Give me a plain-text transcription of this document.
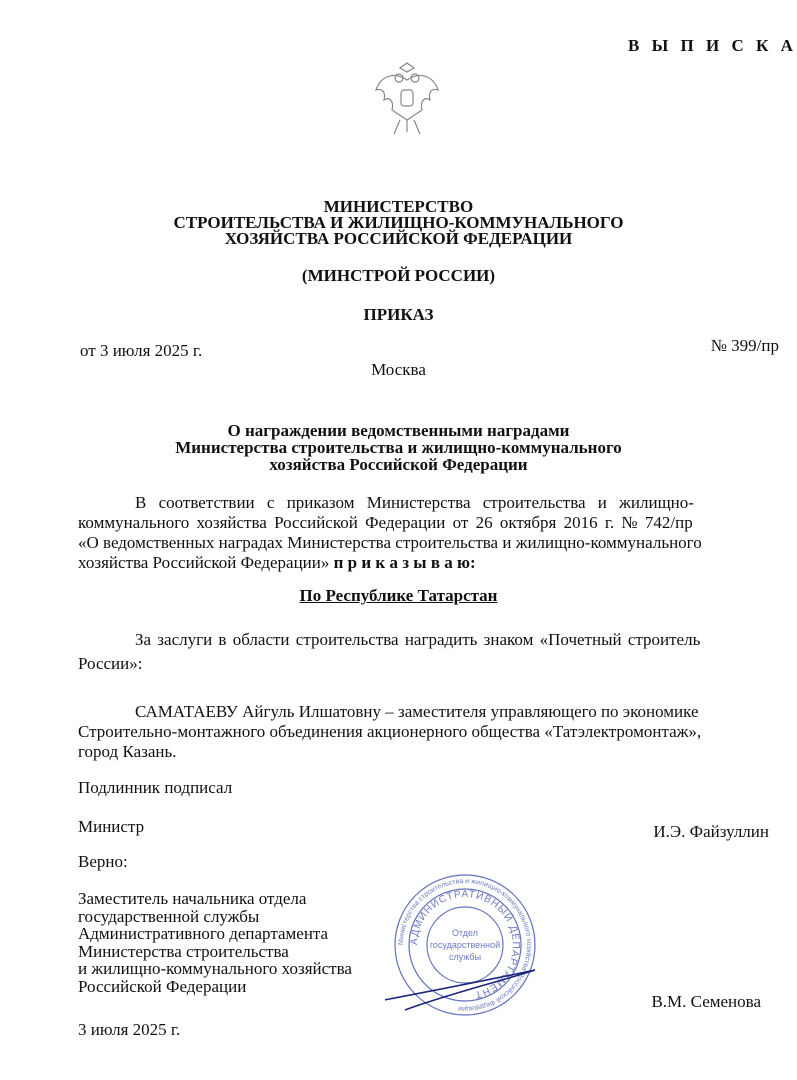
В Ы П И С К А
МИНИСТЕРСТВО
СТРОИТЕЛЬСТВА И ЖИЛИЩНО-КОММУНАЛЬНОГО
ХОЗЯЙСТВА РОССИЙСКОЙ ФЕДЕРАЦИИ
(МИНСТРОЙ РОССИИ)
ПРИКАЗ
от 3 июля 2025 г.	№ 399/пр
Москва
О награждении ведомственными наградами
Министерства строительства и жилищно-коммунального
хозяйства Российской Федерации
В соответствии с приказом Министерства строительства и жилищно-
коммунального хозяйства Российской Федерации от 26 октября 2016 г. № 742/пр
«О ведомственных наградах Министерства строительства и жилищно-коммунального
хозяйства Российской Федерации» п р и к а з ы в а ю:
По Республике Татарстан
За заслуги в области строительства наградить знаком «Почетный строитель
России»:
САМАТАЕВУ Айгуль Илшатовну – заместителя управляющего по экономике
Строительно-монтажного объединения акционерного общества «Татэлектромонтаж»,
город Казань.
Подлинник подписал
Министр	И.Э. Файзуллин
Верно:
Заместитель начальника отдела
государственной службы
Административного департамента
Министерства строительства
и жилищно-коммунального хозяйства
Российской Федерации
Министерства строительства и жилищно-коммунального хозяйства Российской Федерации
АДМИНИСТРАТИВНЫЙ ДЕПАРТАМЕНТ
Отдел
государственной
службы
В.М. Семенова
3 июля 2025 г.
